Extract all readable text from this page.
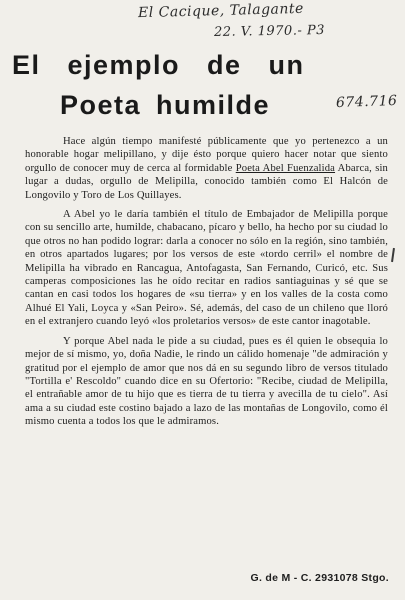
El Cacique, Talagante
22. V. 1970.- P3
674.716
El ejemplo de un
Poeta humilde

Hace algún tiempo manifesté públicamente que yo pertenezco a un honorable hogar melipillano, y dije ésto porque quiero hacer notar que siento orgullo de conocer muy de cerca al formidable Poeta Abel Fuenzalida Abarca, sin lugar a dudas, orgullo de Melipilla, conocido también como El Halcón de Longovilo y Toro de Los Quillayes.

A Abel yo le daría también el título de Embajador de Melipilla porque con su sencillo arte, humilde, chabacano, pícaro y bello, ha hecho por su ciudad lo que otros no han podido lograr: darla a conocer no sólo en la región, sino también, en otros apartados lugares; por los versos de este «tordo cerril» el nombre de Melipilla ha vibrado en Rancagua, Antofagasta, San Fernando, Curicó, etc. Sus camperas composiciones las he oído recitar en radios santiaguinas y sé que se cantan en casi todos los hogares de «su tierra» y en los valles de la costa como Alhué El Yali, Loyca y «San Peiro». Sé, además, del caso de un chileno que lloró en el extranjero cuando leyó «los proletarios versos» de este cantor inagotable.

Y porque Abel nada le pide a su ciudad, pues es él quien le obsequia lo mejor de sí mismo, yo, doña Nadie, le rindo un cálido homenaje "de admiración y gratitud por el ejemplo de amor que nos dá en su segundo libro de versos titulado "Tortilla e' Rescoldo" cuando dice en su Ofertorio: "Recibe, ciudad de Melipilla, el entrañable amor de tu hijo que es tierra de tu tierra y avecilla de tu cielo". Así ama a su ciudad este costino bajado a lazo de las montañas de Longovilo, como él mismo cuenta a todos los que le admiramos.

G. de M - C. 2931078 Stgo.
